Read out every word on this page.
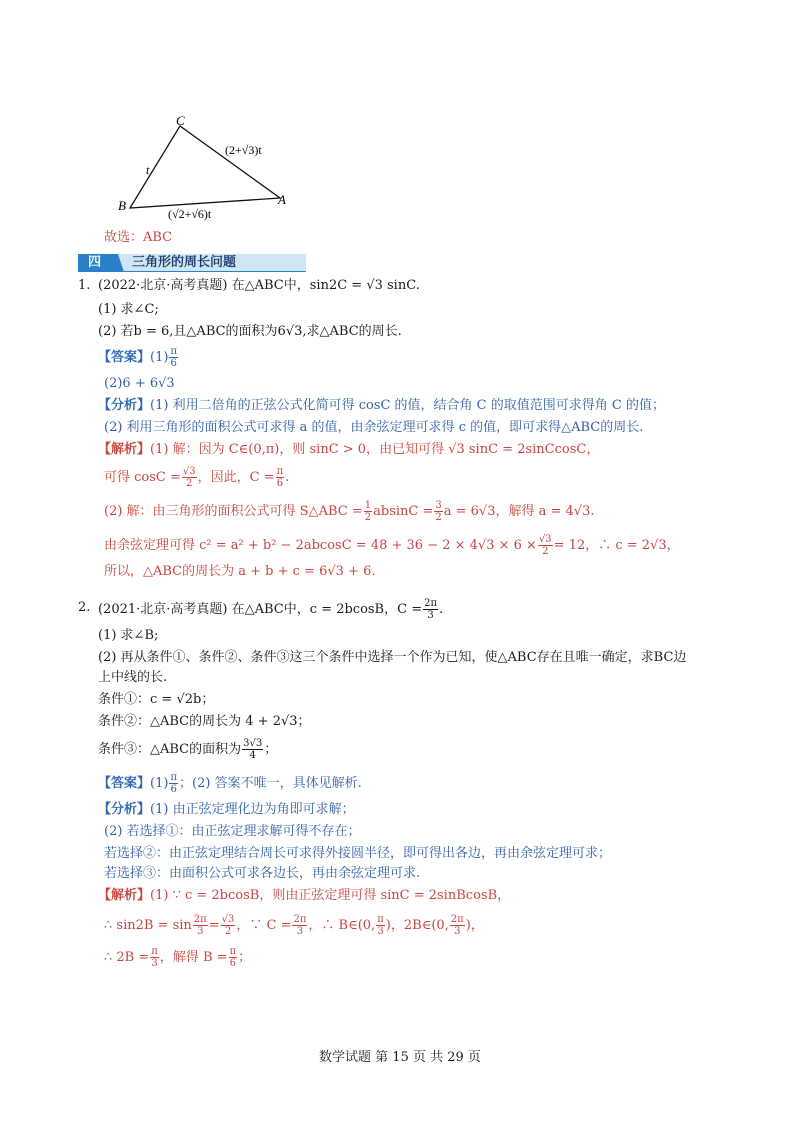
C
B	A
t
(2+√3)t
(√2+√6)t
故选：ABC
四 三角形的周长问题
1. (2022·北京·高考真题) 在△ABC中，sin2C = √3 sinC.
(1) 求∠C;
(2) 若b = 6,且△ABC的面积为6√3,求△ABC的周长.
【答案】$(1) \frac{\pi}{6}$
(2)6 + 6√3
【分析】(1) 利用二倍角的正弦公式化简可得 cosC 的值，结合角 C 的取值范围可求得角 C 的值；
(2) 利用三角形的面积公式可求得 a 的值，由余弦定理可求得 c 的值，即可求得△ABC的周长.
【解析】(1) 解：因为 C∈(0,π)，则 sinC > 0，由已知可得 √3 sinC = 2sinCcosC，
可得 $\cos C = \frac{√3}{2}$ ，因此，$C = \frac{\pi}{6}$ .
(2) 解：由三角形的面积公式可得 S△ABC = $\frac{1}{2}$ $absinC = \frac{3}{2}$ a = 6√3，解得 a = 4√3.
由余弦定理可得 $c^2 = a^2 + b^2 - 2abcosC = 48 + 36 - 2 \times 4√3 \times 6 \times \frac{√3}{2} = 12$，∴ c = 2√3，
所以，△ABC的周长为 a + b + c = 6√3 + 6.
2. (2021·北京·高考真题) 在△ABC中，c = 2bcosB，$C = \frac{2\pi}{3}$ .
(1) 求∠B;
(2) 再从条件①、条件②、条件③这三个条件中选择一个作为已知，使△ABC存在且唯一确定，求BC边
上中线的长.
条件①：c = √2b；
条件②：△ABC的周长为 4 + 2√3；
条件③：△ABC的面积为 $\frac{3√3}{4}$ ；
【答案】$(1) \frac{\pi}{6}$ ；(2) 答案不唯一，具体见解析.
【分析】(1) 由正弦定理化边为角即可求解；
(2) 若选择①：由正弦定理求解可得不存在；
若选择②：由正弦定理结合周长可求得外接圆半径，即可得出各边，再由余弦定理可求；
若选择③：由面积公式可求各边长，再由余弦定理可求.
【解析】(1) ∵ c = 2bcosB，则由正弦定理可得 sinC = 2sinBcosB，
∴ $\sin 2B = \sin \frac{2\pi}{3} = \frac{√3}{2}$ ，∵ $C = \frac{2\pi}{3}$ ，∴ B∈(0, $\frac{\pi}{3}$ )，2B∈(0, $\frac{2\pi}{3}$ )，
∴ $2B = \frac{\pi}{3}$ ，解得 $B = \frac{\pi}{6}$ ；
数学试题 第 15 页 共 29 页
